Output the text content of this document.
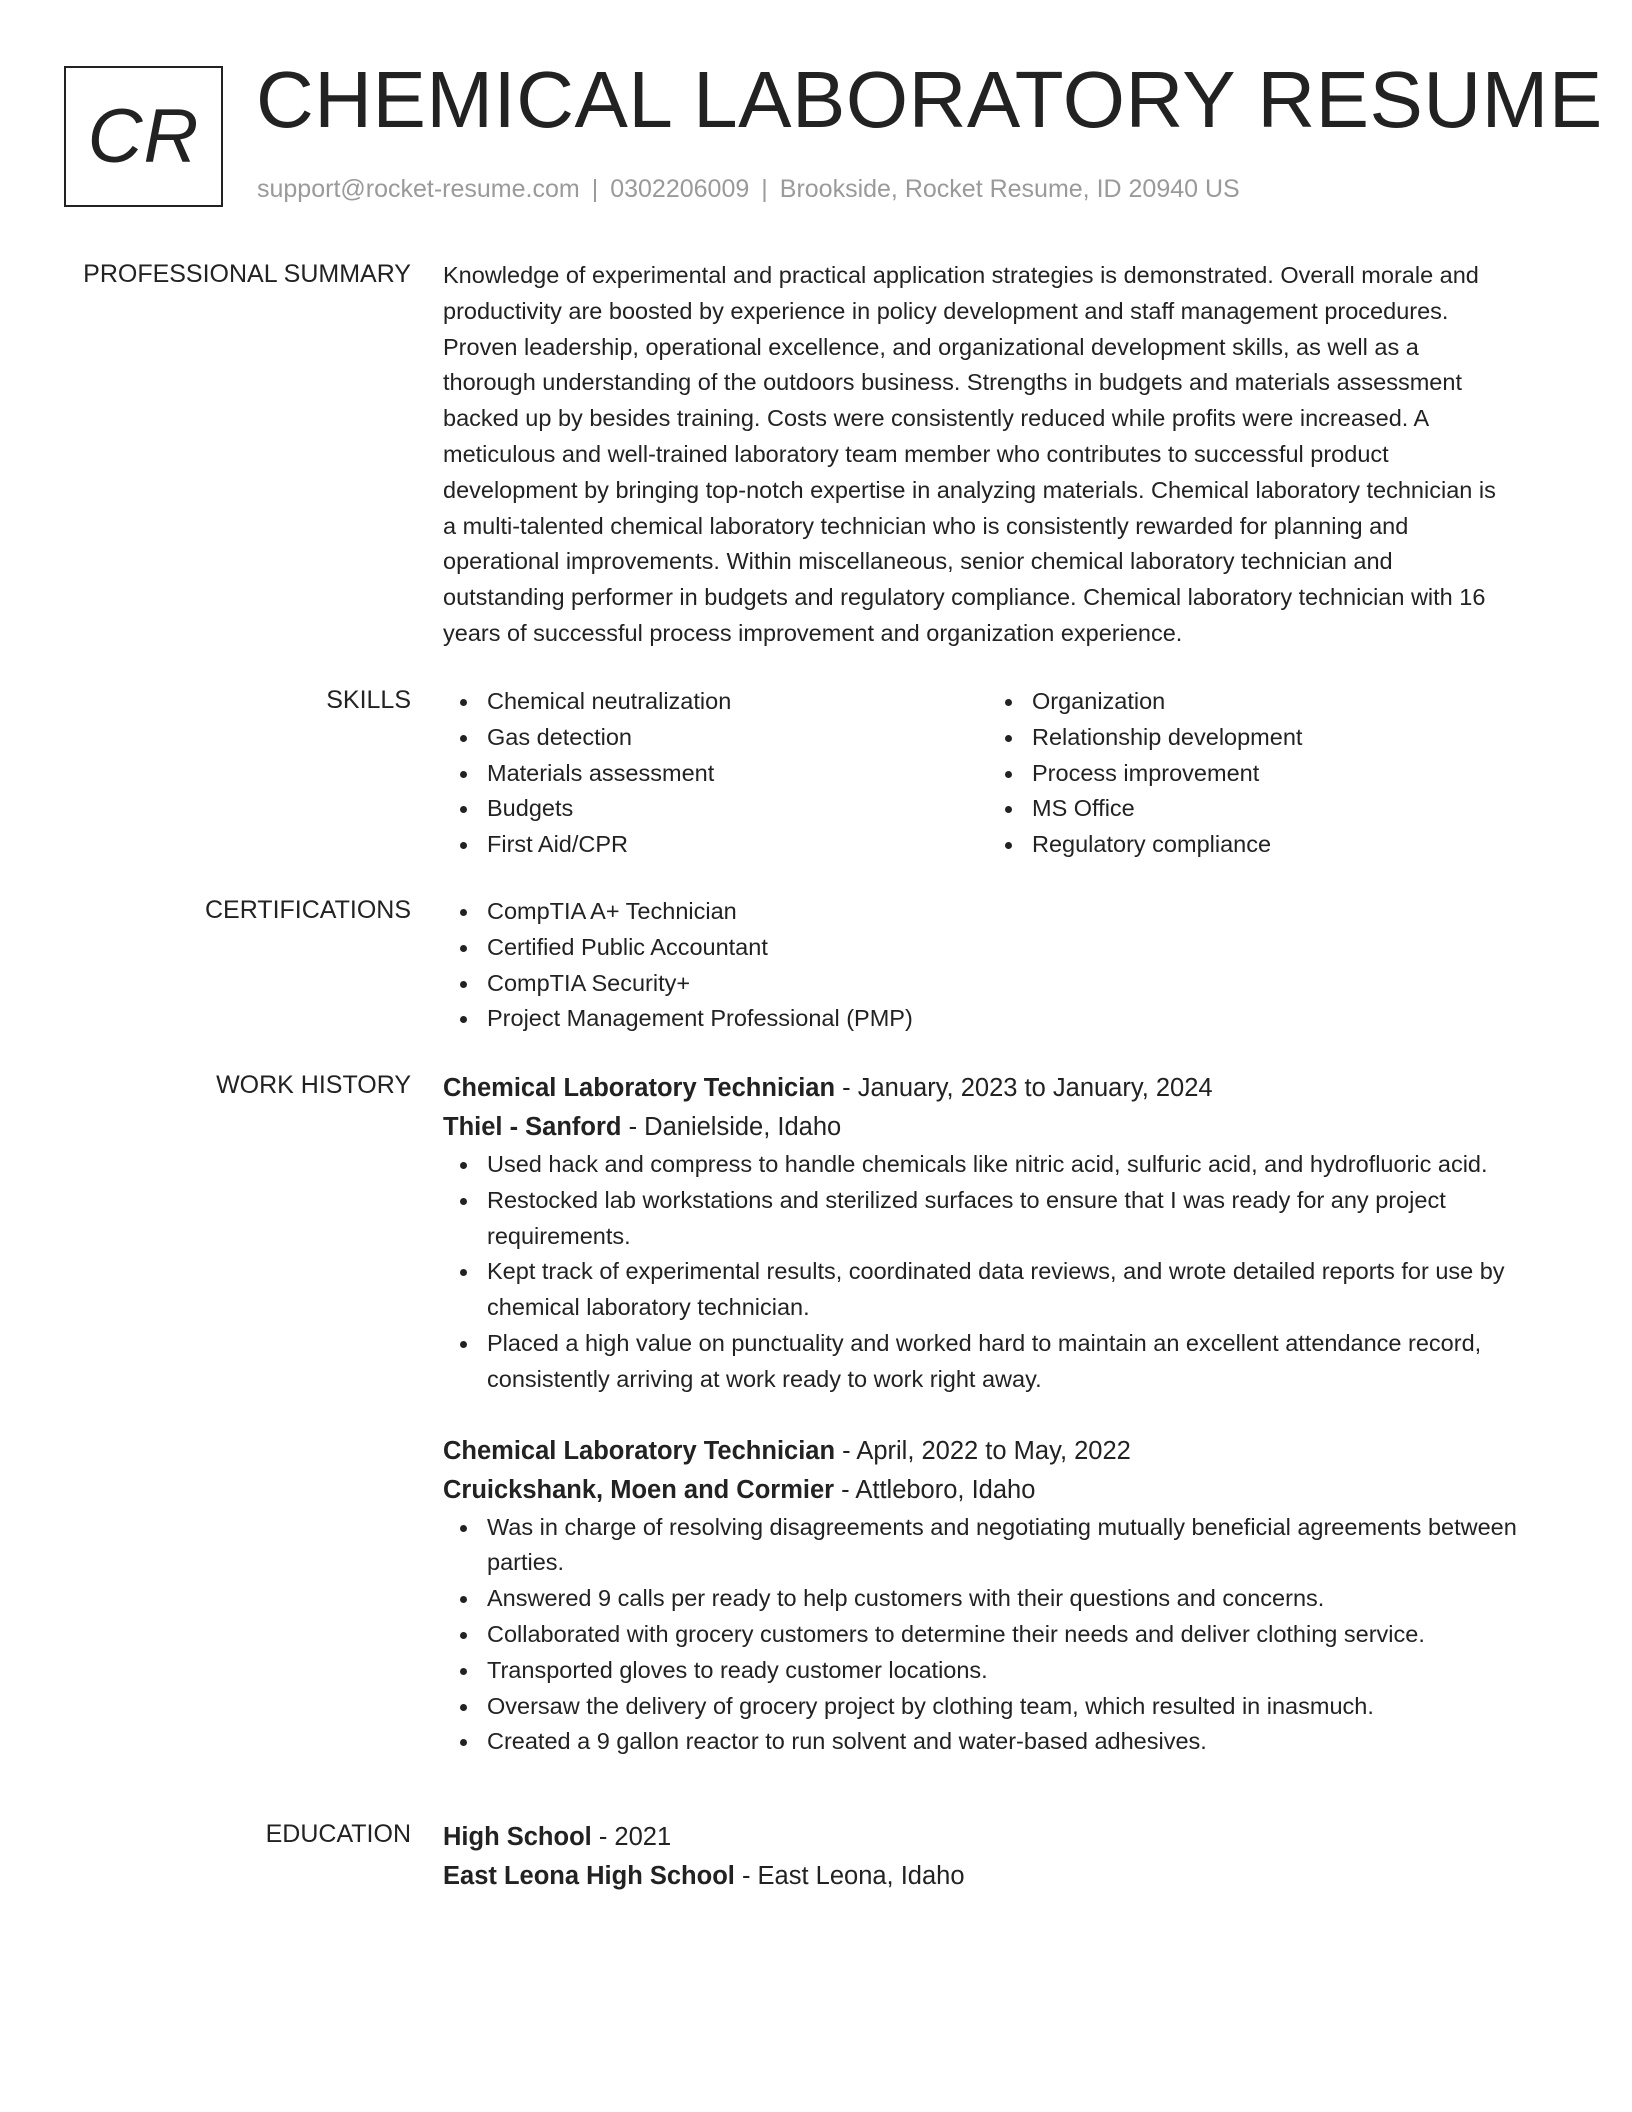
CR CHEMICAL LABORATORY RESUME
support@rocket-resume.com | 0302206009 | Brookside, Rocket Resume, ID 20940 US
PROFESSIONAL SUMMARY Knowledge of experimental and practical application strategies is demonstrated. Overall morale and
productivity are boosted by experience in policy development and staff management procedures.
Proven leadership, operational excellence, and organizational development skills, as well as a
thorough understanding of the outdoors business. Strengths in budgets and materials assessment
backed up by besides training. Costs were consistently reduced while profits were increased. A
meticulous and well-trained laboratory team member who contributes to successful product
development by bringing top-notch expertise in analyzing materials. Chemical laboratory technician is
a multi-talented chemical laboratory technician who is consistently rewarded for planning and
operational improvements. Within miscellaneous, senior chemical laboratory technician and
outstanding performer in budgets and regulatory compliance. Chemical laboratory technician with 16
years of successful process improvement and organization experience.
SKILLS	Chemical neutralization
Gas detection
Materials assessment
Budgets
First Aid/CPR
Organization
Relationship development
Process improvement
MS Office
Regulatory compliance
CERTIFICATIONS	CompTIA A+ Technician
Certified Public Accountant
CompTIA Security+
Project Management Professional (PMP)
WORK HISTORY Chemical Laboratory Technician - January, 2023 to January, 2024
Thiel - Sanford - Danielside, Idaho
Used hack and compress to handle chemicals like nitric acid, sulfuric acid, and hydrofluoric acid.
Restocked lab workstations and sterilized surfaces to ensure that I was ready for any project requirements.
Kept track of experimental results, coordinated data reviews, and wrote detailed reports for use by chemical laboratory technician.
Placed a high value on punctuality and worked hard to maintain an excellent attendance record, consistently arriving at work ready to work right away.
Chemical Laboratory Technician - April, 2022 to May, 2022
Cruickshank, Moen and Cormier - Attleboro, Idaho
Was in charge of resolving disagreements and negotiating mutually beneficial agreements between parties.
Answered 9 calls per ready to help customers with their questions and concerns.
Collaborated with grocery customers to determine their needs and deliver clothing service.
Transported gloves to ready customer locations.
Oversaw the delivery of grocery project by clothing team, which resulted in inasmuch.
Created a 9 gallon reactor to run solvent and water-based adhesives.
EDUCATION High School - 2021
East Leona High School - East Leona, Idaho
